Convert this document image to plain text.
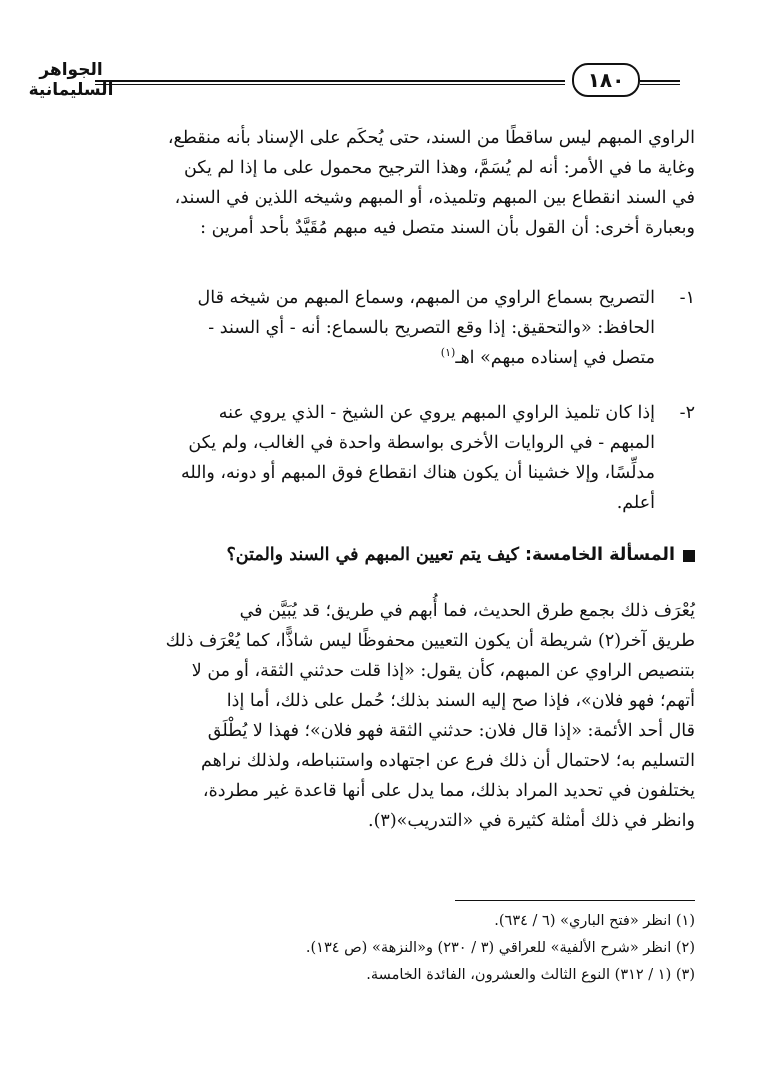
الجواهر السليمانية	١٨٠
الراوي المبهم ليس ساقطًا من السند، حتى يُحكَم على الإسناد بأنه منقطع،
وغاية ما في الأمر: أنه لم يُسَمَّ، وهذا الترجيح محمول على ما إذا لم يكن
في السند انقطاع بين المبهم وتلميذه، أو المبهم وشيخه اللذين في السند،
وبعبارة أخرى: أن القول بأن السند متصل فيه مبهم مُقَيَّدٌ بأحد أمرين :
١-التصريح بسماع الراوي من المبهم، وسماع المبهم من شيخه قال
الحافظ: «والتحقيق: إذا وقع التصريح بالسماع: أنه - أي السند -
متصل في إسناده مبهم» اهـ$^{(١)}$
٢-إذا كان تلميذ الراوي المبهم يروي عن الشيخ - الذي يروي عنه
المبهم - في الروايات الأخرى بواسطة واحدة في الغالب، ولم يكن
مدلِّسًا، وإلا خشينا أن يكون هناك انقطاع فوق المبهم أو دونه، والله
أعلم.
المسألة الخامسة: كيف يتم تعيين المبهم في السند والمتن؟
يُعْرَف ذلك بجمع طرق الحديث، فما أُبهم في طريق؛ قد يُبَيَّن في
طريق آخر(٢) شريطة أن يكون التعيين محفوظًا ليس شاذًّا، كما يُعْرَف ذلك
بتنصيص الراوي عن المبهم، كأن يقول: «إذا قلت حدثني الثقة، أو من لا
أتهم؛ فهو فلان»، فإذا صح إليه السند بذلك؛ حُمل على ذلك، أما إذا
قال أحد الأئمة: «إذا قال فلان: حدثني الثقة فهو فلان»؛ فهذا لا يُطْلَق
التسليم به؛ لاحتمال أن ذلك فرع عن اجتهاده واستنباطه، ولذلك نراهم
يختلفون في تحديد المراد بذلك، مما يدل على أنها قاعدة غير مطردة،
وانظر في ذلك أمثلة كثيرة في «التدريب»(٣).
(١) انظر «فتح الباري» (٦ / ٦٣٤).
(٢) انظر «شرح الألفية» للعراقي (٣ / ٢٣٠) و«النزهة» (ص ١٣٤).
(٣) (١ / ٣١٢) النوع الثالث والعشرون، الفائدة الخامسة.
